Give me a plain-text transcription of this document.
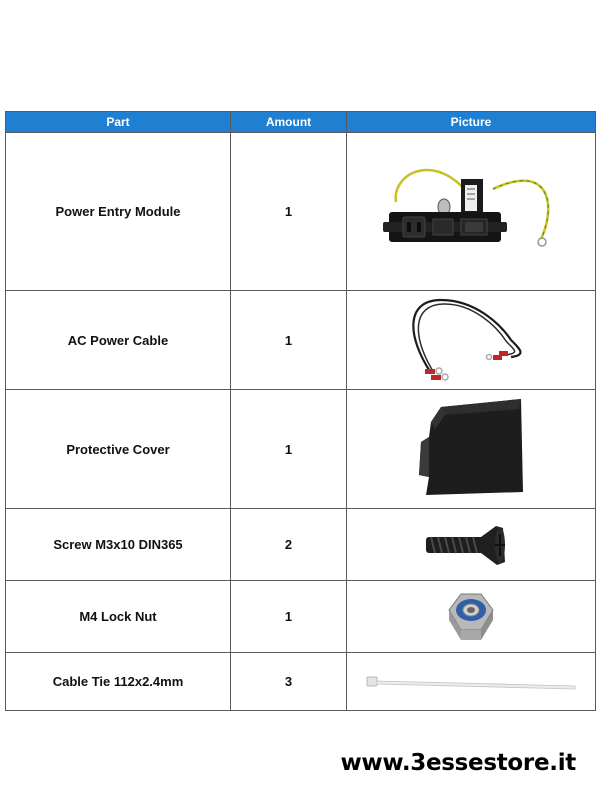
Part	Amount	Picture
Power Entry Module	1	

AC Power Cable	1	

Protective Cover	1	

Screw M3x10 DIN365	2	

M4 Lock Nut	1	

Cable Tie 112x2.4mm	3	
www.3essestore.it
